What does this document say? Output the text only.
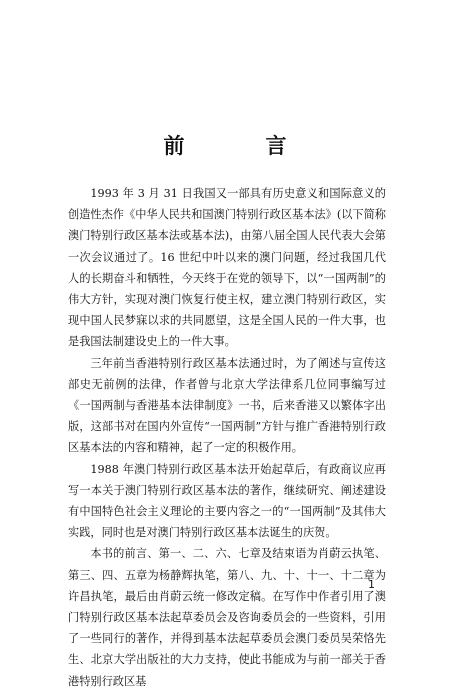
前　言

1993 年 3 月 31 日我国又一部具有历史意义和国际意义的创造性杰作《中华人民共和国澳门特别行政区基本法》(以下简称澳门特别行政区基本法或基本法)，由第八届全国人民代表大会第一次会议通过了。16 世纪中叶以来的澳门问题，经过我国几代人的长期奋斗和牺牲，今天终于在党的领导下，以“一国两制”的伟大方针，实现对澳门恢复行使主权，建立澳门特别行政区，实现中国人民梦寐以求的共同愿望，这是全国人民的一件大事，也是我国法制建设史上的一件大事。

三年前当香港特别行政区基本法通过时，为了阐述与宣传这部史无前例的法律，作者曾与北京大学法律系几位同事编写过《一国两制与香港基本法律制度》一书，后来香港又以繁体字出版，这部书对在国内外宣传“一国两制”方针与推广香港特别行政区基本法的内容和精神，起了一定的积极作用。

1988 年澳门特别行政区基本法开始起草后，有政商议应再写一本关于澳门特别行政区基本法的著作，继续研究、阐述建设有中国特色社会主义理论的主要内容之一的“一国两制”及其伟大实践，同时也是对澳门特别行政区基本法诞生的庆贺。

本书的前言、第一、二、六、七章及结束语为肖蔚云执笔、第三、四、五章为杨静辉执笔，第八、九、十、十一、十二章为许昌执笔，最后由肖蔚云统一修改定稿。在写作中作者引用了澳门特别行政区基本法起草委员会及咨询委员会的一些资料，引用了一些同行的著作，并得到基本法起草委员会澳门委员吴荣恪先生、北京大学出版社的大力支持，使此书能成为与前一部关于香港特别行政区基

1
